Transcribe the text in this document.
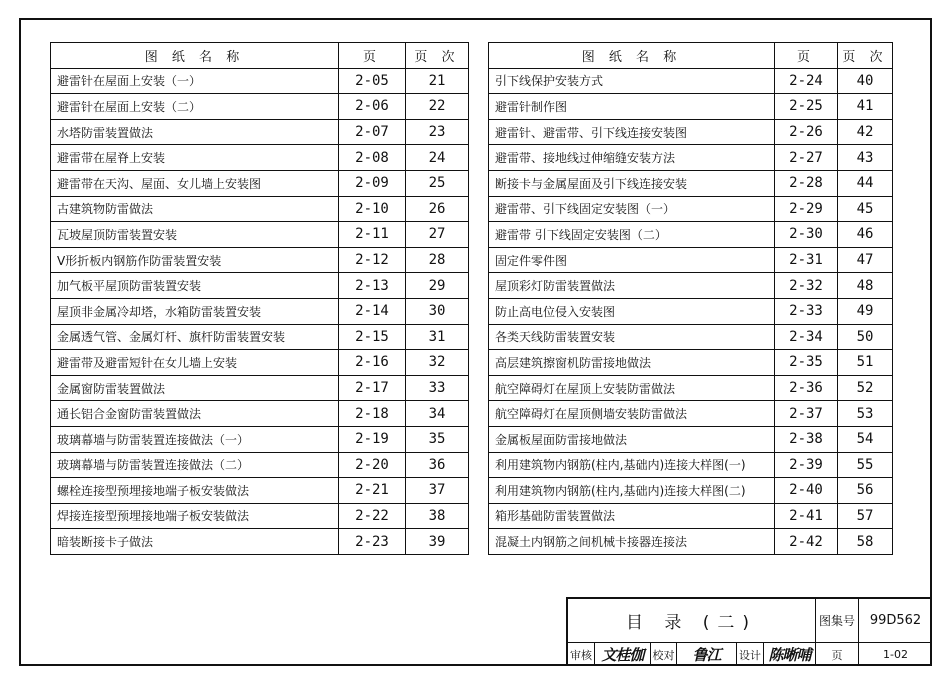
图 纸 名 称	页	页 次
避雷针在屋面上安装（一）	2-05	21
避雷针在屋面上安装（二）	2-06	22
水塔防雷装置做法	2-07	23
避雷带在屋脊上安装	2-08	24
避雷带在天沟、屋面、女儿墙上安装图	2-09	25
古建筑物防雷做法	2-10	26
瓦坡屋顶防雷装置安装	2-11	27
V形折板内钢筋作防雷装置安装	2-12	28
加气板平屋顶防雷装置安装	2-13	29
屋顶非金属冷却塔，水箱防雷装置安装	2-14	30
金属透气管、金属灯杆、旗杆防雷装置安装	2-15	31
避雷带及避雷短针在女儿墙上安装	2-16	32
金属窗防雷装置做法	2-17	33
通长铝合金窗防雷装置做法	2-18	34
玻璃幕墙与防雷装置连接做法（一）	2-19	35
玻璃幕墙与防雷装置连接做法（二）	2-20	36
螺栓连接型预埋接地端子板安装做法	2-21	37
焊接连接型预埋接地端子板安装做法	2-22	38
暗装断接卡子做法	2-23	39
图 纸 名 称	页	页 次
引下线保护安装方式	2-24	40
避雷针制作图	2-25	41
避雷针、避雷带、引下线连接安装图	2-26	42
避雷带、接地线过伸缩缝安装方法	2-27	43
断接卡与金属屋面及引下线连接安装	2-28	44
避雷带、引下线固定安装图（一）	2-29	45
避雷带 引下线固定安装图（二）	2-30	46
固定件零件图	2-31	47
屋顶彩灯防雷装置做法	2-32	48
防止高电位侵入安装图	2-33	49
各类天线防雷装置安装	2-34	50
高层建筑擦窗机防雷接地做法	2-35	51
航空障碍灯在屋顶上安装防雷做法	2-36	52
航空障碍灯在屋顶侧墙安装防雷做法	2-37	53
金属板屋面防雷接地做法	2-38	54
利用建筑物内钢筋(柱内,基础内)连接大样图(一)	2-39	55
利用建筑物内钢筋(柱内,基础内)连接大样图(二)	2-40	56
箱形基础防雷装置做法	2-41	57
混凝土内钢筋之间机械卡接器连接法	2-42	58
目 录 (二)	图集号	99D562
审核 文桂伽 校对	鲁江	设计 陈晰哺	页	1-02
